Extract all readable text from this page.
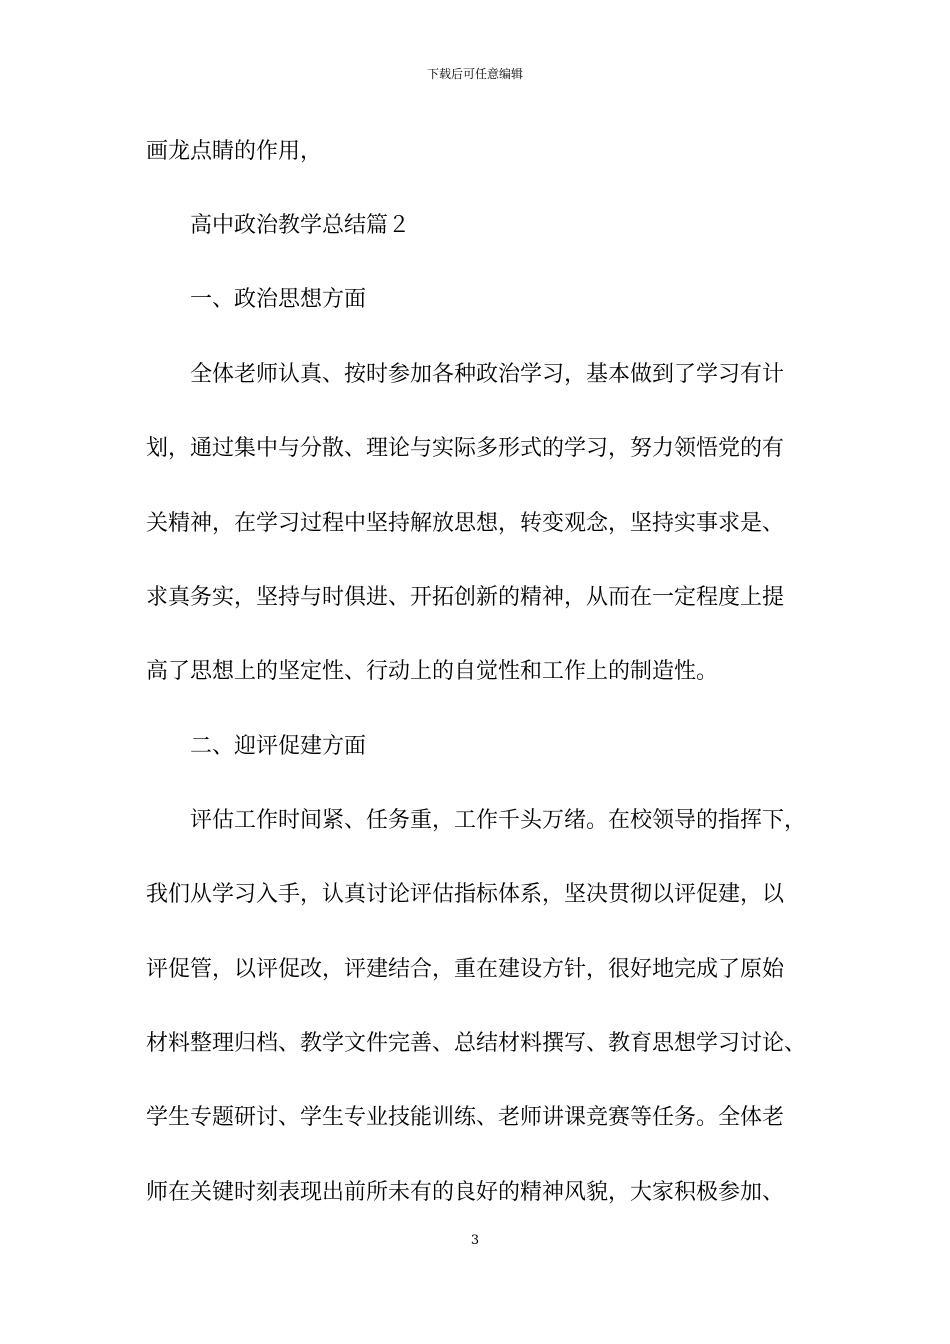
下载后可任意编辑
画龙点睛的作用，
高中政治教学总结篇２
一、政治思想方面
全体老师认真、按时参加各种政治学习，基本做到了学习有计
划，通过集中与分散、理论与实际多形式的学习，努力领悟党的有
关精神，在学习过程中坚持解放思想，转变观念，坚持实事求是、
求真务实，坚持与时俱进、开拓创新的精神，从而在一定程度上提
高了思想上的坚定性、行动上的自觉性和工作上的制造性。
二、迎评促建方面
评估工作时间紧、任务重，工作千头万绪。在校领导的指挥下，
我们从学习入手，认真讨论评估指标体系，坚决贯彻以评促建，以
评促管，以评促改，评建结合，重在建设方针，很好地完成了原始
材料整理归档、教学文件完善、总结材料撰写、教育思想学习讨论、
学生专题研讨、学生专业技能训练、老师讲课竞赛等任务。全体老
师在关键时刻表现出前所未有的良好的精神风貌，大家积极参加、
3
